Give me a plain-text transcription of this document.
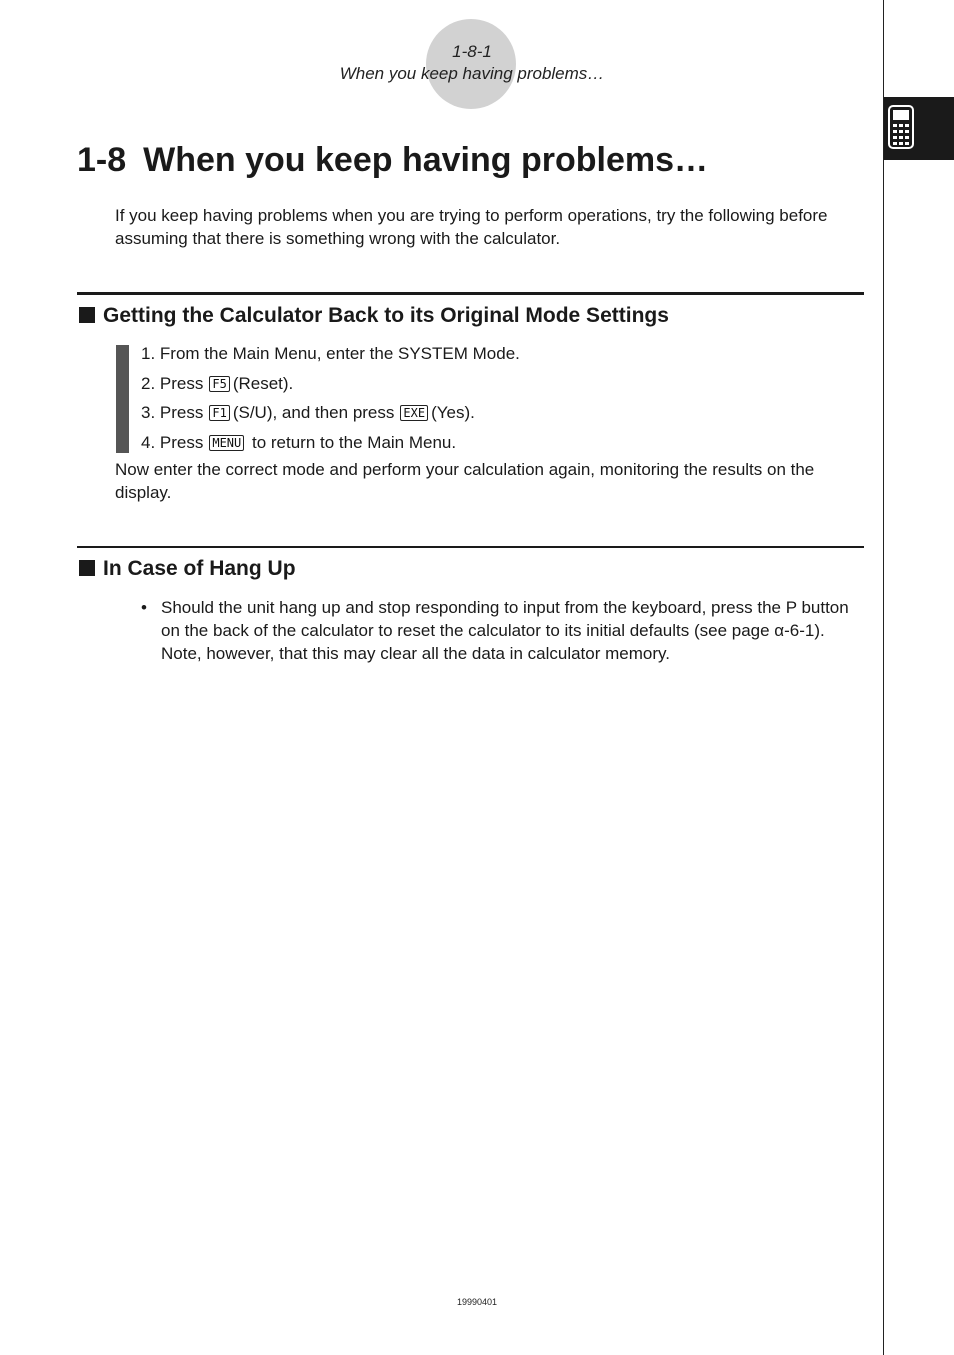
1-8-1
When you keep having problems…
1-8 When you keep having problems…

If you keep having problems when you are trying to perform operations, try the following before assuming that there is something wrong with the calculator.

Getting the Calculator Back to its Original Mode Settings
1. From the Main Menu, enter the SYSTEM Mode.
2. Press F5 (Reset).
3. Press F1 (S/U), and then press EXE (Yes).
4. Press MENU to return to the Main Menu.

Now enter the correct mode and perform your calculation again, monitoring the results on the display.

In Case of Hang Up
• Should the unit hang up and stop responding to input from the keyboard, press the P button on the back of the calculator to reset the calculator to its initial defaults (see page α-6-1). Note, however, that this may clear all the data in calculator memory.

19990401
